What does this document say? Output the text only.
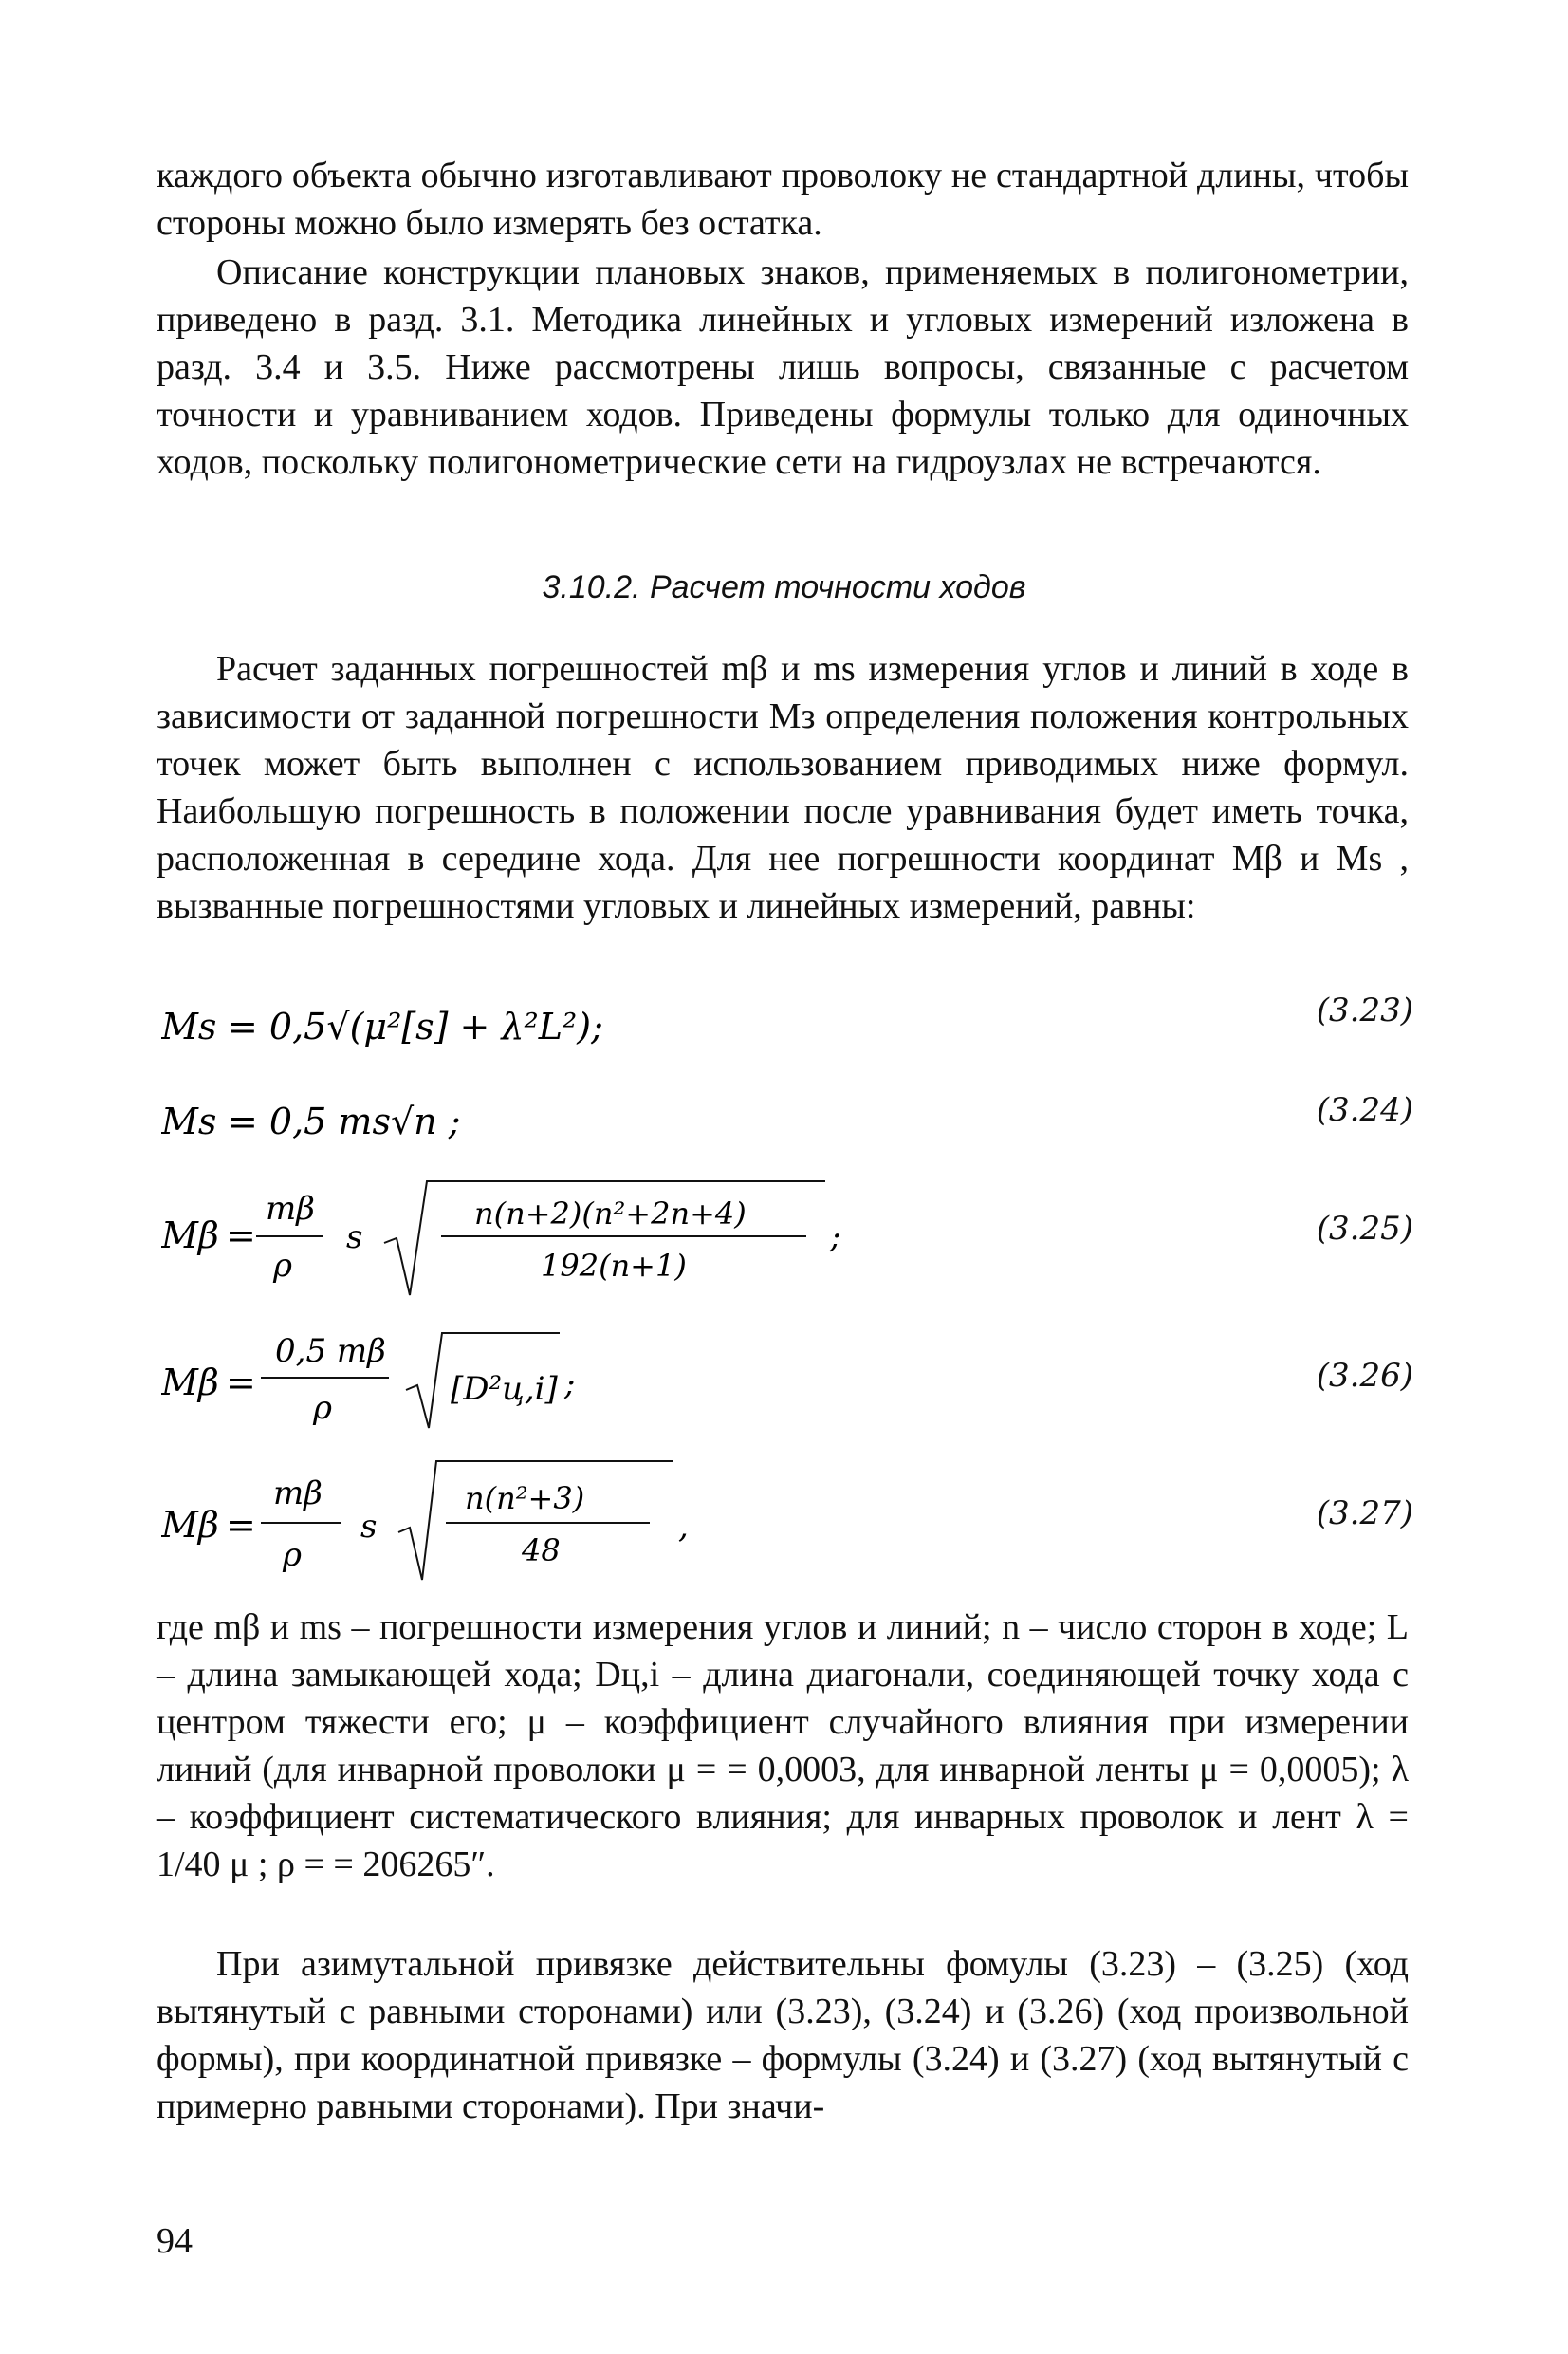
каждого объекта обычно изготавливают проволоку не стандартной длины, чтобы стороны можно было измерять без остатка.

Описание конструкции плановых знаков, применяемых в полигонометрии, приведено в разд. 3.1. Методика линейных и угловых измерений изложена в разд. 3.4 и 3.5. Ниже рассмотрены лишь вопросы, связанные с расчетом точности и уравниванием ходов. Приведены формулы только для одиночных ходов, поскольку полигонометрические сети на гидроузлах не встречаются.

3.10.2. Расчет точности ходов

Расчет заданных погрешностей mβ и ms измерения углов и линий в ходе в зависимости от заданной погрешности Mз определения положения контрольных точек может быть выполнен с использованием приводимых ниже формул. Наибольшую погрешность в положении после уравнивания будет иметь точка, расположенная в середине хода. Для нее погрешности координат Mβ и Ms , вызванные погрешностями угловых и линейных измерений, равны:

Ms = 0,5√(μ²[s] + λ²L²);	(3.23)
Ms = 0,5 ms√n ;	(3.24)
Mβ =
mβ
ρ
s
n(n+2)(n²+2n+4)
192(n+1)
;	(3.25)
Mβ =
0,5 mβ
ρ	[D²ц,i] ;	(3.26)
Mβ =
mβ
ρ
s
n(n²+3)
48
,	(3.27)

где mβ и ms – погрешности измерения углов и линий; n – число сторон в ходе; L – длина замыкающей хода; Dц,i – длина диагонали, соединяющей точку хода с центром тяжести его; μ – коэффициент случайного влияния при измерении линий (для инварной проволоки μ = = 0,0003, для инварной ленты μ = 0,0005); λ – коэффициент систематического влияния; для инварных проволок и лент λ = 1/40 μ ; ρ = = 206265″.

При азимутальной привязке действительны фомулы (3.23) – (3.25) (ход вытянутый с равными сторонами) или (3.23), (3.24) и (3.26) (ход произвольной формы), при координатной привязке – формулы (3.24) и (3.27) (ход вытянутый с примерно равными сторонами). При значи-

94
